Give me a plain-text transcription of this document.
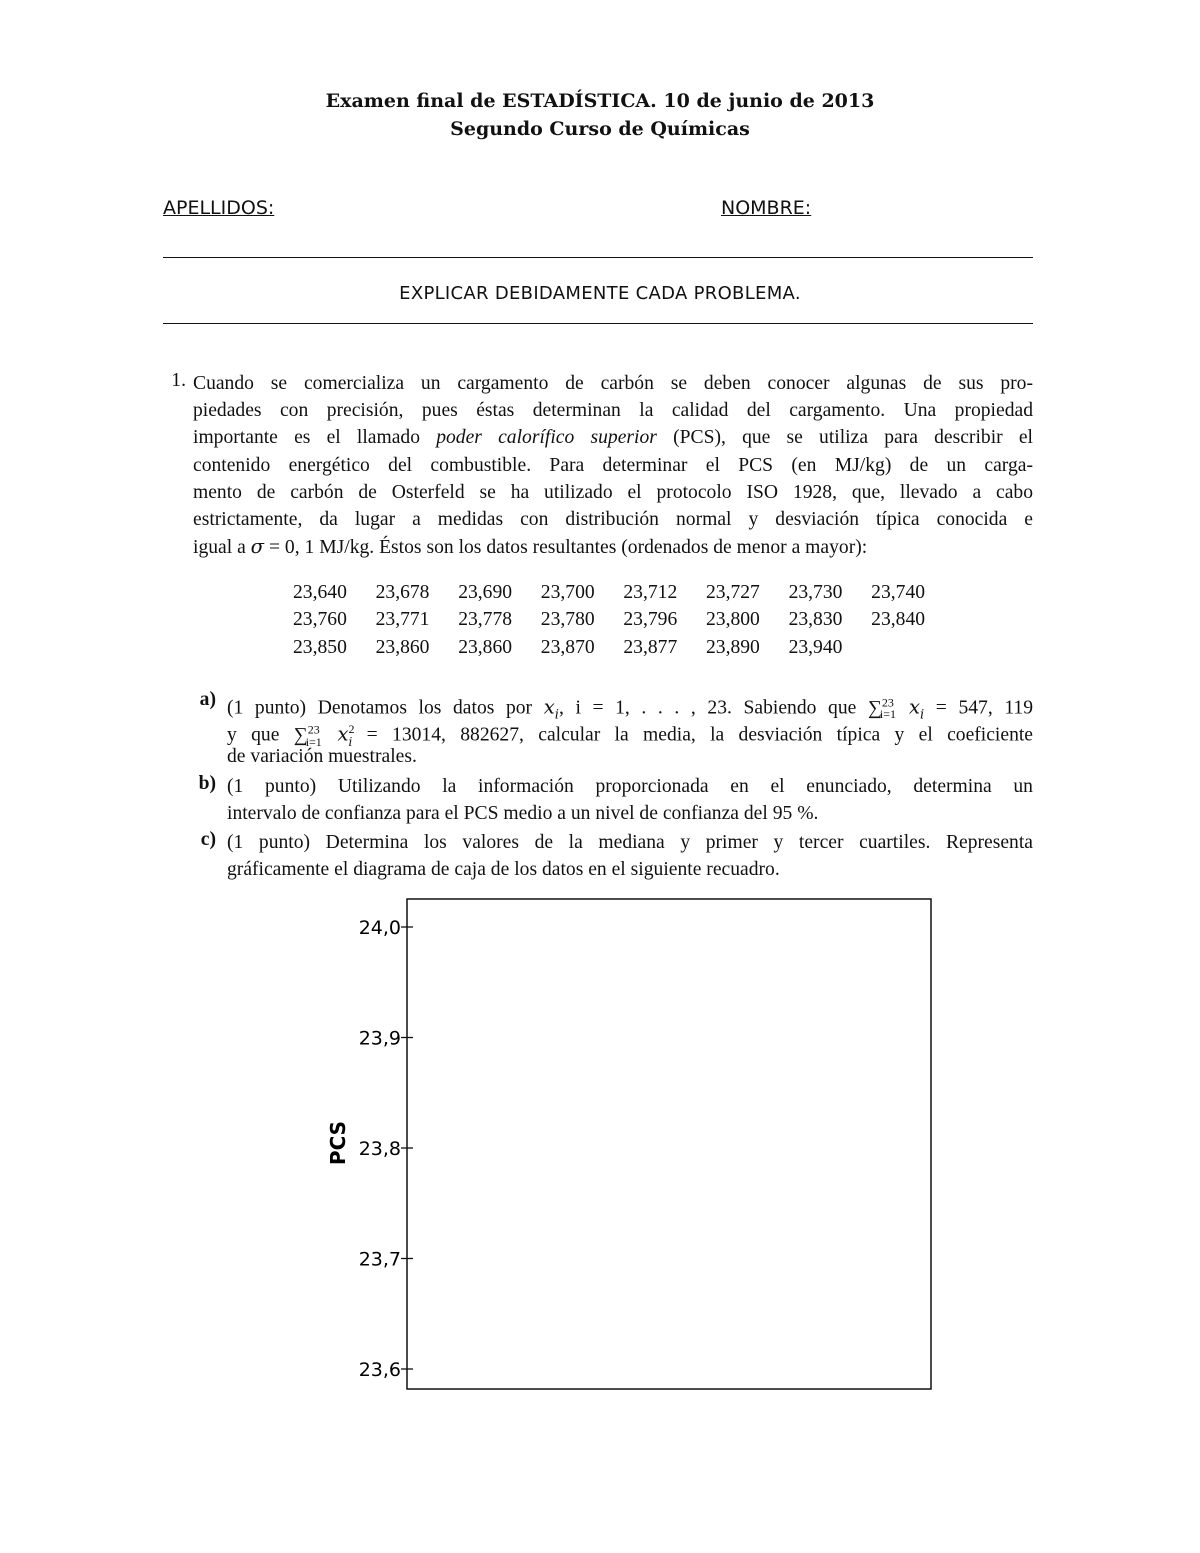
Examen final de ESTADÍSTICA. 10 de junio de 2013
Segundo Curso de Químicas
APELLIDOS:	NOMBRE:
EXPLICAR DEBIDAMENTE CADA PROBLEMA.
1. Cuando se comercializa un cargamento de carbón se deben conocer algunas de sus pro-
piedades con precisión, pues éstas determinan la calidad del cargamento. Una propiedad
importante es el llamado poder calorífico superior (PCS), que se utiliza para describir el
contenido energético del combustible. Para determinar el PCS (en MJ/kg) de un carga-
mento de carbón de Osterfeld se ha utilizado el protocolo ISO 1928, que, llevado a cabo
estrictamente, da lugar a medidas con distribución normal y desviación típica conocida e
igual a σ = 0, 1 MJ/kg. Éstos son los datos resultantes (ordenados de menor a mayor):
23,640	23,678	23,690	23,700	23,712	23,727	23,730	23,740
23,760	23,771	23,778	23,780	23,796	23,800	23,830	23,840
23,850	23,860	23,860	23,870	23,877	23,890	23,940	
a) (1 punto) Denotamos los datos por $x_i$, i = 1, . . . , 23. Sabiendo que ∑$^{23}_{i=1}$ $x_i = 547$, 119
y que ∑$^{23}_{i=1}$ $x^2_i = 13014$, 882627, calcular la media, la desviación típica y el coeficiente
de variación muestrales.
b) (1 punto) Utilizando la información proporcionada en el enunciado, determina un
intervalo de confianza para el PCS medio a un nivel de confianza del 95 %.
c) (1 punto) Determina los valores de la mediana y primer y tercer cuartiles. Representa
gráficamente el diagrama de caja de los datos en el siguiente recuadro.
24,0
23,9
23,8
23,7
23,6
PCS
